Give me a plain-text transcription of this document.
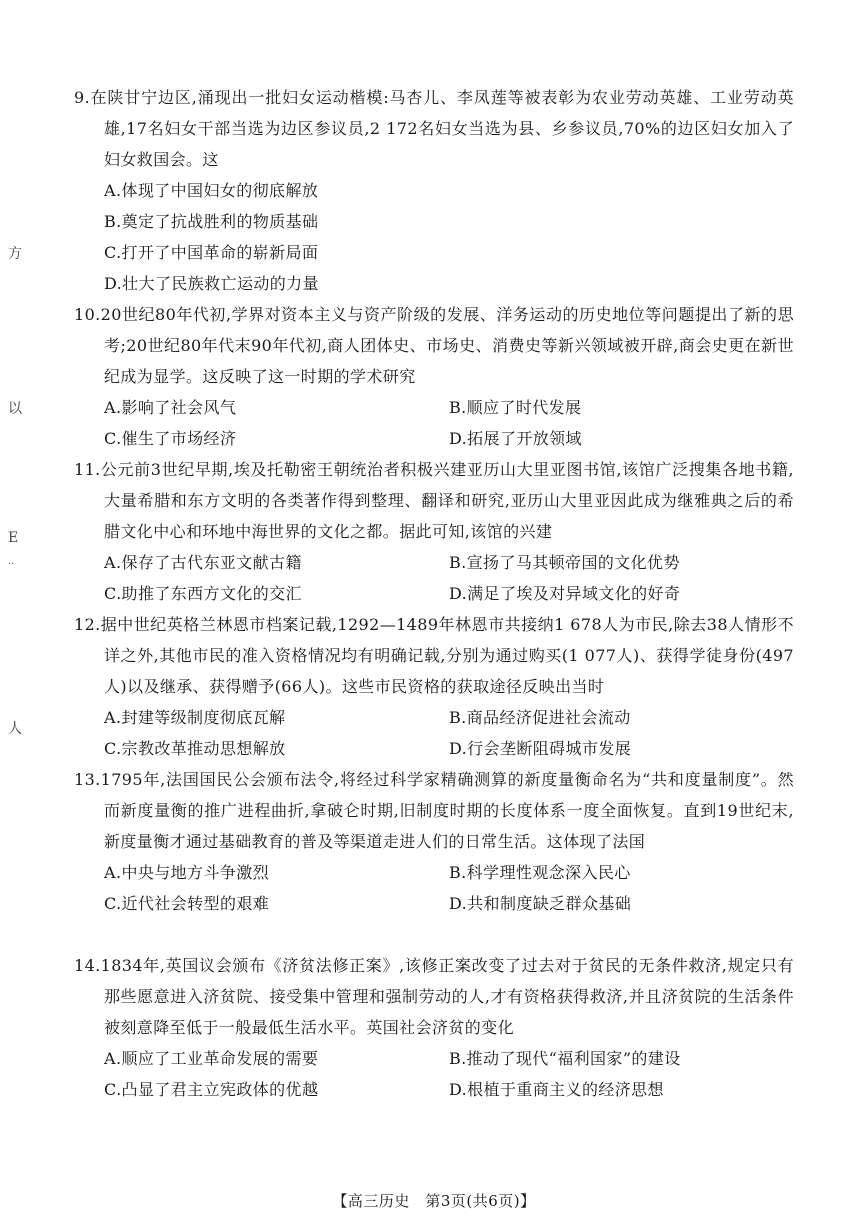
方
以
E
..
人

9.在陕甘宁边区,涌现出一批妇女运动楷模:马杏儿、李凤莲等被表彰为农业劳动英雄、工业劳动英雄,17名妇女干部当选为边区参议员,2 172名妇女当选为县、乡参议员,70%的边区妇女加入了妇女救国会。这

A.体现了中国妇女的彻底解放
B.奠定了抗战胜利的物质基础
C.打开了中国革命的崭新局面
D.壮大了民族救亡运动的力量

10.20世纪80年代初,学界对资本主义与资产阶级的发展、洋务运动的历史地位等问题提出了新的思考;20世纪80年代末90年代初,商人团体史、市场史、消费史等新兴领域被开辟,商会史更在新世纪成为显学。这反映了这一时期的学术研究

A.影响了社会风气	B.顺应了时代发展 C.催生了市场经济	D.拓展了开放领域

11.公元前3世纪早期,埃及托勒密王朝统治者积极兴建亚历山大里亚图书馆,该馆广泛搜集各地书籍,大量希腊和东方文明的各类著作得到整理、翻译和研究,亚历山大里亚因此成为继雅典之后的希腊文化中心和环地中海世界的文化之都。据此可知,该馆的兴建

A.保存了古代东亚文献古籍	B.宣扬了马其顿帝国的文化优势 C.助推了东西方文化的交汇	D.满足了埃及对异域文化的好奇

12.据中世纪英格兰林恩市档案记载,1292—1489年林恩市共接纳1 678人为市民,除去38人情形不详之外,其他市民的准入资格情况均有明确记载,分别为通过购买(1 077人)、获得学徒身份(497人)以及继承、获得赠予(66人)。这些市民资格的获取途径反映出当时

A.封建等级制度彻底瓦解	B.商品经济促进社会流动 C.宗教改革推动思想解放	D.行会垄断阻碍城市发展

13.1795年,法国国民公会颁布法令,将经过科学家精确测算的新度量衡命名为“共和度量制度”。然而新度量衡的推广进程曲折,拿破仑时期,旧制度时期的长度体系一度全面恢复。直到19世纪末,新度量衡才通过基础教育的普及等渠道走进人们的日常生活。这体现了法国

A.中央与地方斗争激烈	B.科学理性观念深入民心 C.近代社会转型的艰难	D.共和制度缺乏群众基础

14.1834年,英国议会颁布《济贫法修正案》,该修正案改变了过去对于贫民的无条件救济,规定只有那些愿意进入济贫院、接受集中管理和强制劳动的人,才有资格获得救济,并且济贫院的生活条件被刻意降至低于一般最低生活水平。英国社会济贫的变化

A.顺应了工业革命发展的需要	B.推动了现代“福利国家”的建设 C.凸显了君主立宪政体的优越	D.根植于重商主义的经济思想
【高三历史　第3页(共6页)】
